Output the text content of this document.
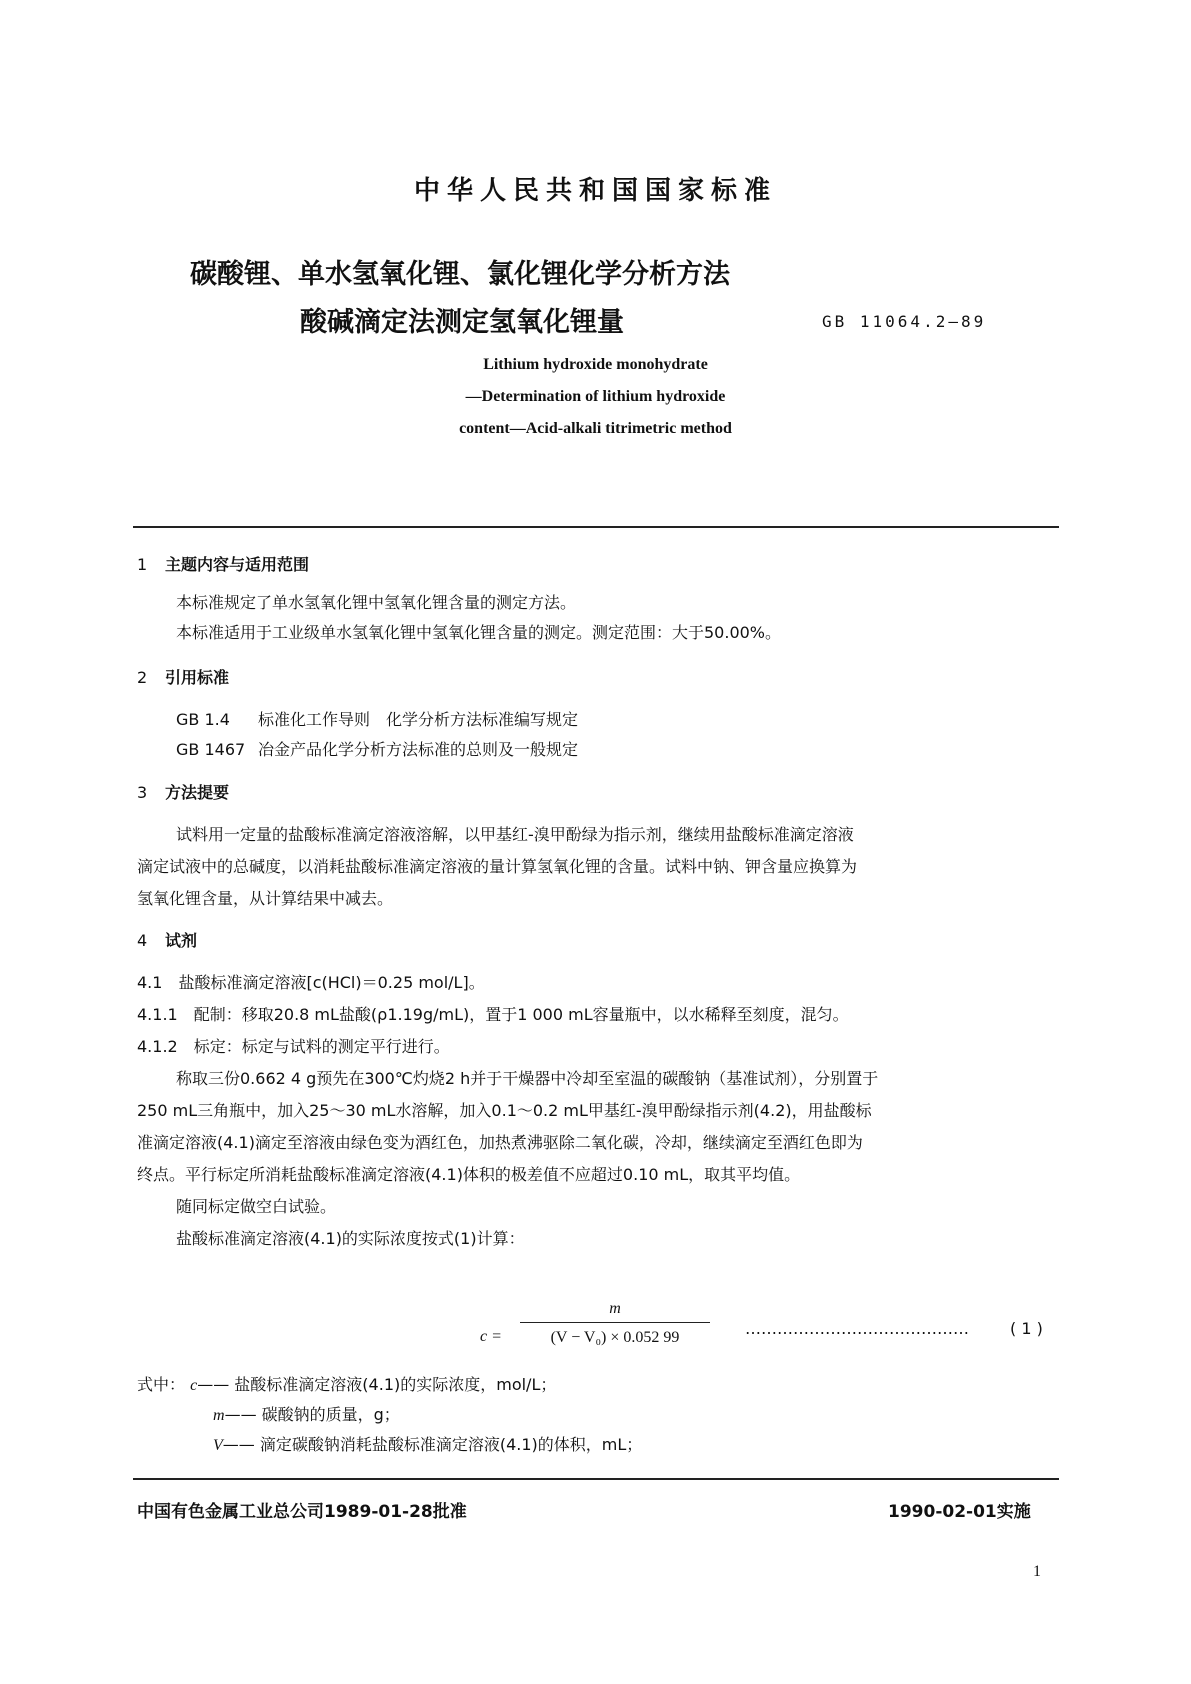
中华人民共和国国家标准
碳酸锂、单水氢氧化锂、氯化锂化学分析方法
酸碱滴定法测定氢氧化锂量	GB 11064.2—89
Lithium hydroxide monohydrate
—Determination of lithium hydroxide
content—Acid-alkali titrimetric method
1 主题内容与适用范围
本标准规定了单水氢氧化锂中氢氧化锂含量的测定方法。
本标准适用于工业级单水氢氧化锂中氢氧化锂含量的测定。测定范围：大于50.00%。
2 引用标准
GB 1.4 标准化工作导则　化学分析方法标准编写规定
GB 1467 冶金产品化学分析方法标准的总则及一般规定
3 方法提要
试料用一定量的盐酸标准滴定溶液溶解，以甲基红-溴甲酚绿为指示剂，继续用盐酸标准滴定溶液
滴定试液中的总碱度，以消耗盐酸标准滴定溶液的量计算氢氧化锂的含量。试料中钠、钾含量应换算为
氢氧化锂含量，从计算结果中减去。
4 试剂
4.1　盐酸标准滴定溶液[c(HCl)＝0.25 mol/L]。
4.1.1　配制：移取20.8 mL盐酸(ρ1.19g/mL)，置于1 000 mL容量瓶中，以水稀释至刻度，混匀。
4.1.2　标定：标定与试料的测定平行进行。
称取三份0.662 4 g预先在300℃灼烧2 h并于干燥器中冷却至室温的碳酸钠（基准试剂），分别置于
250 mL三角瓶中，加入25～30 mL水溶解，加入0.1～0.2 mL甲基红-溴甲酚绿指示剂(4.2)，用盐酸标
准滴定溶液(4.1)滴定至溶液由绿色变为酒红色，加热煮沸驱除二氧化碳，冷却，继续滴定至酒红色即为
终点。平行标定所消耗盐酸标准滴定溶液(4.1)体积的极差值不应超过0.10 mL，取其平均值。
随同标定做空白试验。
盐酸标准滴定溶液(4.1)的实际浓度按式(1)计算：
$c = \frac{m}{\text{(V − V₀) × 0.052 99}}$ ……………………………………	( 1 )
式中： c—— 盐酸标准滴定溶液(4.1)的实际浓度，mol/L；
m—— 碳酸钠的质量，g；
V—— 滴定碳酸钠消耗盐酸标准滴定溶液(4.1)的体积，mL；
中国有色金属工业总公司1989-01-28批准	1990-02-01实施
1
